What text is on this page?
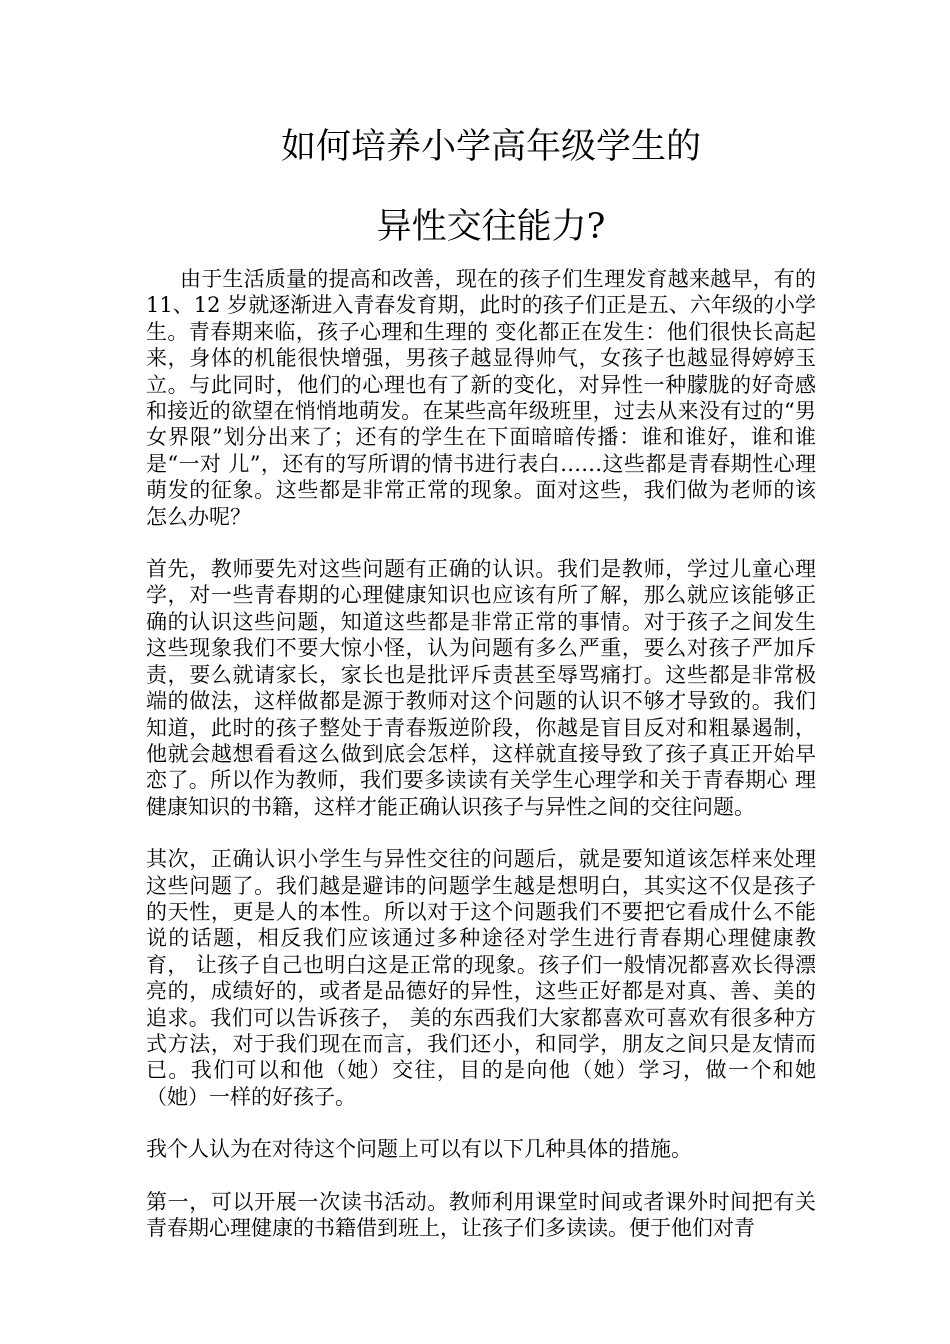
如何培养小学高年级学生的
异性交往能力?

由于生活质量的提高和改善，现在的孩子们生理发育越来越早，有的 11、12 岁就逐渐进入青春发育期，此时的孩子们正是五、六年级的小学生。青春期来临，孩子心理和生理的 变化都正在发生：他们很快长高起来，身体的机能很快增强，男孩子越显得帅气，女孩子也越显得婷婷玉立。与此同时，他们的心理也有了新的变化，对异性一种朦胧的好奇感和接近的欲望在悄悄地萌发。在某些高年级班里，过去从来没有过的“男女界限”划分出来了；还有的学生在下面暗暗传播：谁和谁好，谁和谁是“一对 儿”，还有的写所谓的情书进行表白……这些都是青春期性心理萌发的征象。这些都是非常正常的现象。面对这些，我们做为老师的该怎么办呢？

首先，教师要先对这些问题有正确的认识。我们是教师，学过儿童心理学，对一些青春期的心理健康知识也应该有所了解，那么就应该能够正确的认识这些问题，知道这些都是非常正常的事情。对于孩子之间发生这些现象我们不要大惊小怪，认为问题有多么严重，要么对孩子严加斥责，要么就请家长，家长也是批评斥责甚至辱骂痛打。这些都是非常极端的做法，这样做都是源于教师对这个问题的认识不够才导致的。我们知道，此时的孩子整处于青春叛逆阶段，你越是盲目反对和粗暴遏制，他就会越想看看这么做到底会怎样，这样就直接导致了孩子真正开始早恋了。所以作为教师，我们要多读读有关学生心理学和关于青春期心 理健康知识的书籍，这样才能正确认识孩子与异性之间的交往问题。

其次，正确认识小学生与异性交往的问题后，就是要知道该怎样来处理这些问题了。我们越是避讳的问题学生越是想明白，其实这不仅是孩子的天性，更是人的本性。所以对于这个问题我们不要把它看成什么不能说的话题，相反我们应该通过多种途径对学生进行青春期心理健康教育， 让孩子自己也明白这是正常的现象。孩子们一般情况都喜欢长得漂亮的，成绩好的，或者是品德好的异性，这些正好都是对真、善、美的追求。我们可以告诉孩子， 美的东西我们大家都喜欢可喜欢有很多种方式方法，对于我们现在而言，我们还小，和同学，朋友之间只是友情而已。我们可以和他（她）交往，目的是向他（她）学习，做一个和她（她）一样的好孩子。

我个人认为在对待这个问题上可以有以下几种具体的措施。

第一，可以开展一次读书活动。教师利用课堂时间或者课外时间把有关青春期心理健康的书籍借到班上，让孩子们多读读。便于他们对青
